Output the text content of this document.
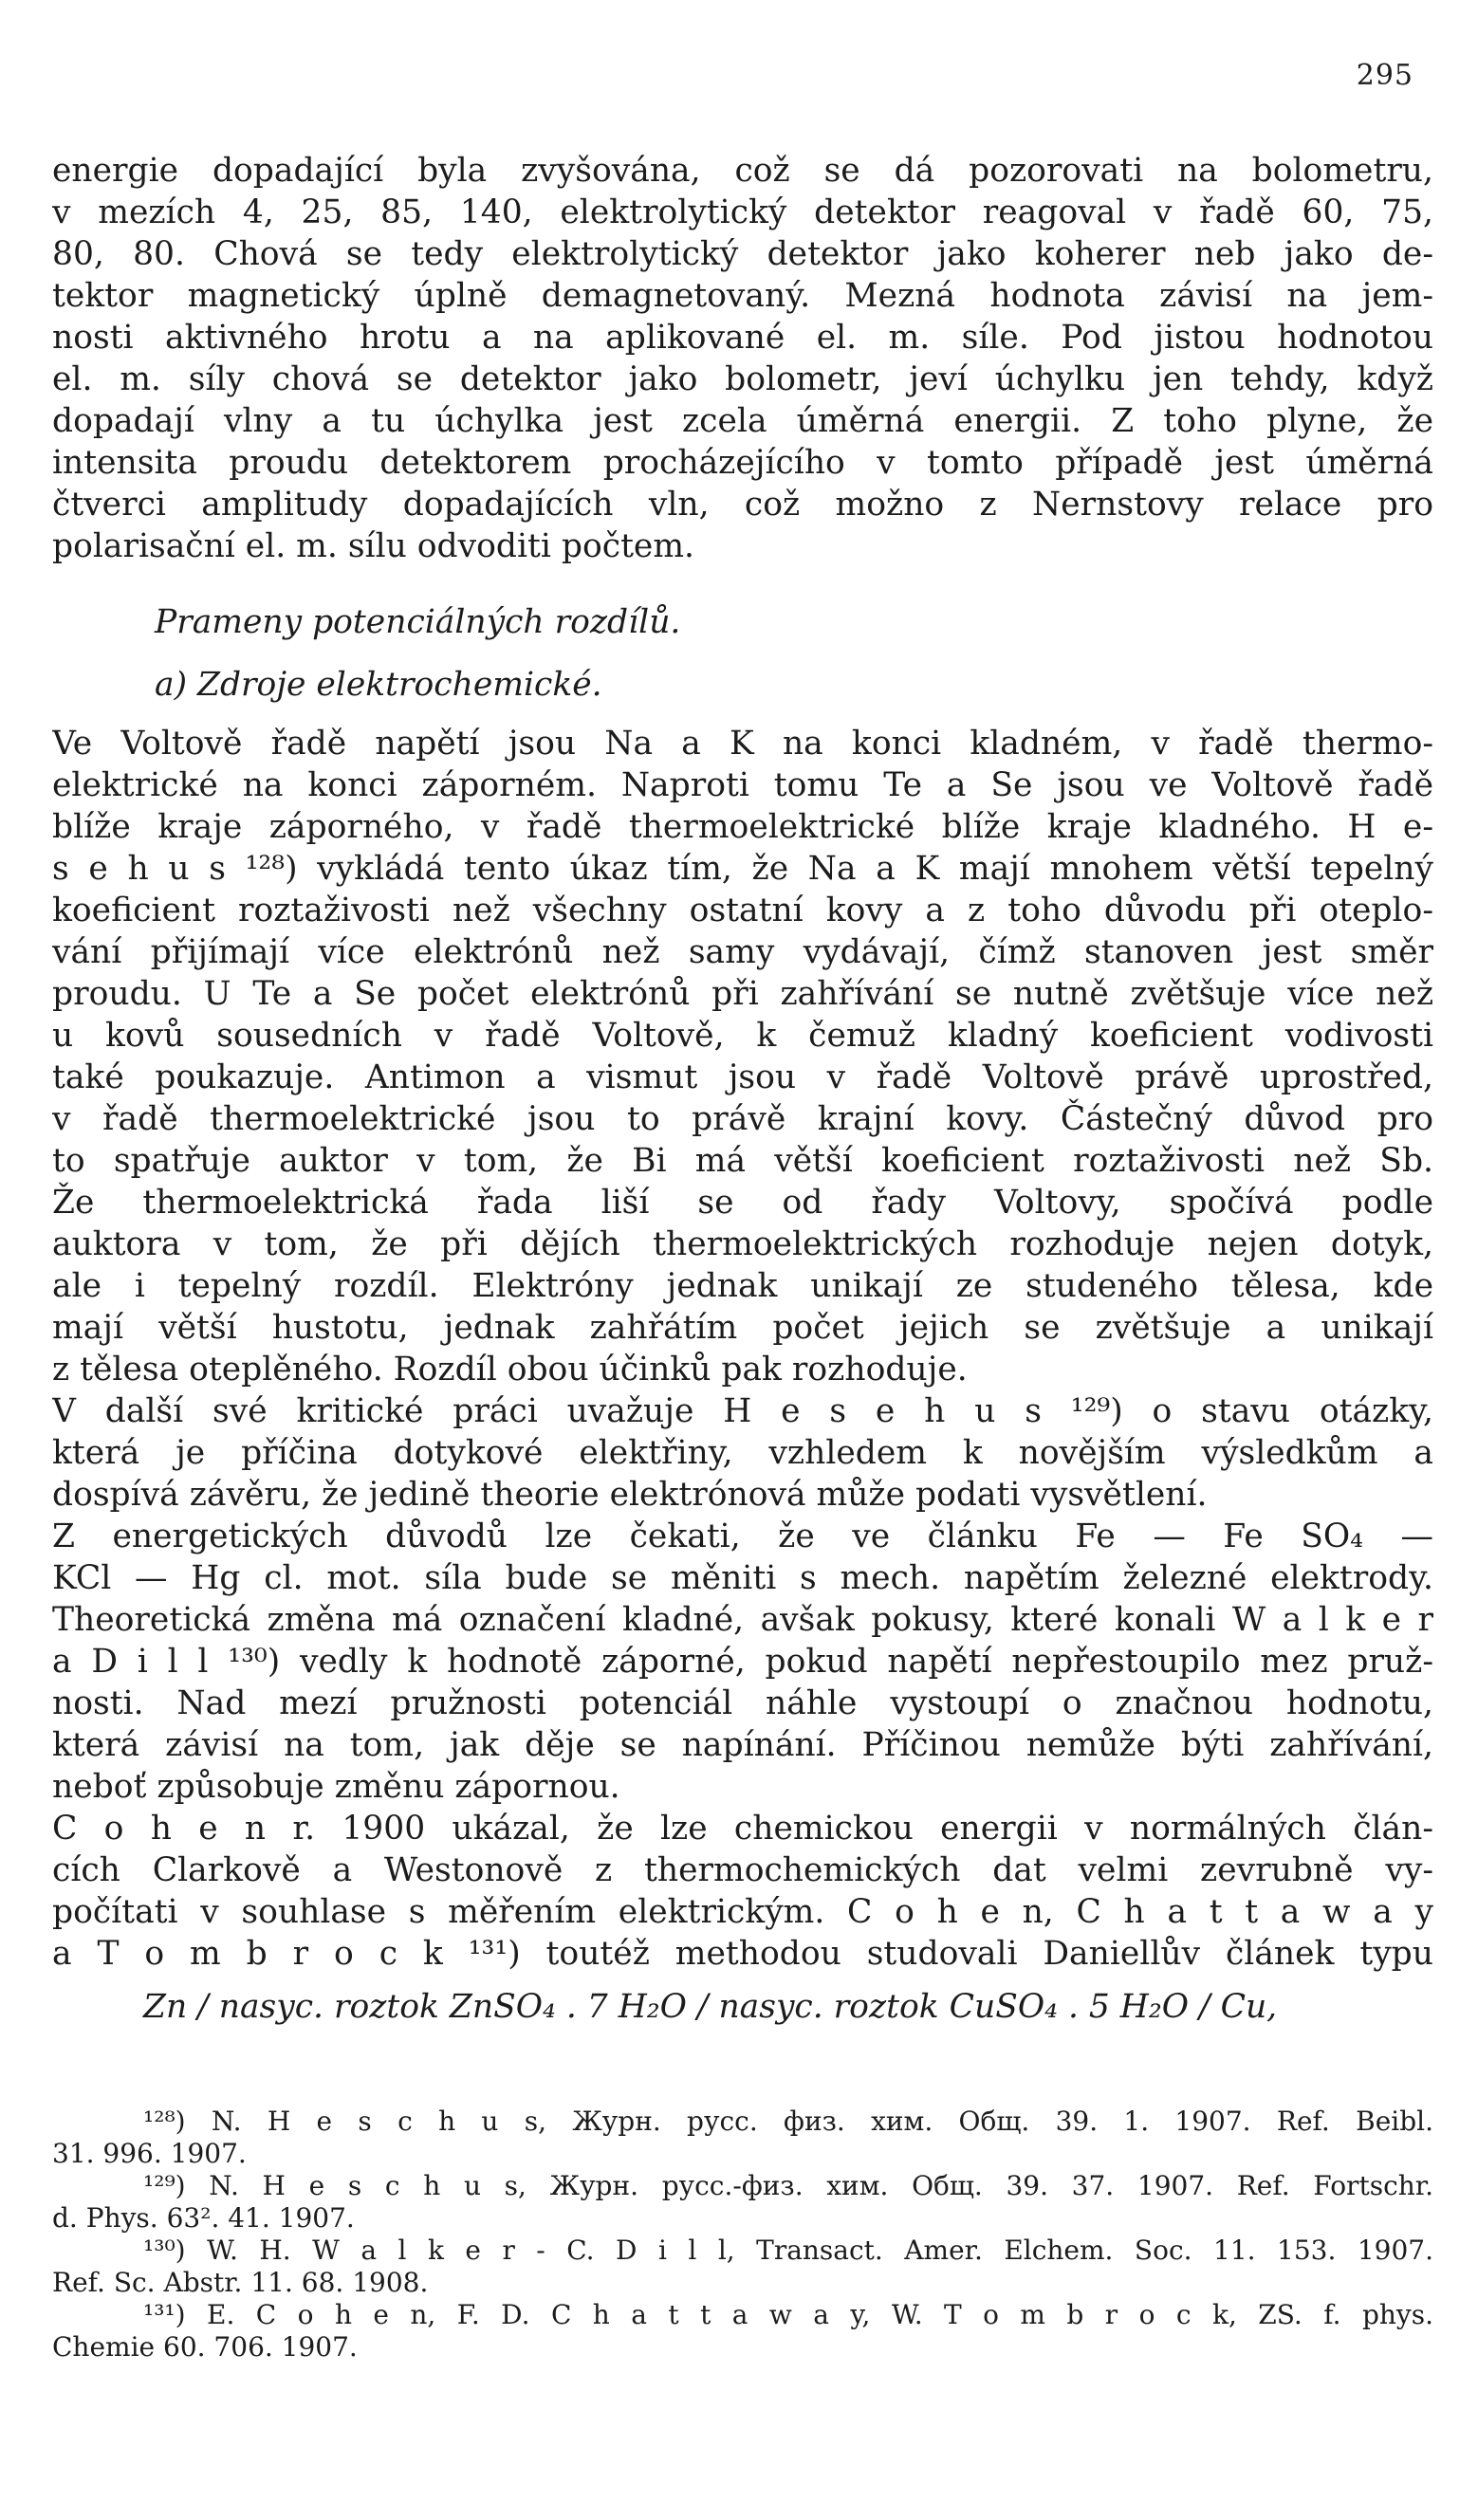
295
energie dopadající byla zvyšována, což se dá pozorovati na bolometru,
v mezích 4, 25, 85, 140, elektrolytický detektor reagoval v řadě 60, 75,
80, 80. Chová se tedy elektrolytický detektor jako koherer neb jako de-
tektor magnetický úplně demagnetovaný. Mezná hodnota závisí na jem-
nosti aktivného hrotu a na aplikované el. m. síle. Pod jistou hodnotou
el. m. síly chová se detektor jako bolometr, jeví úchylku jen tehdy, když
dopadají vlny a tu úchylka jest zcela úměrná energii. Z toho plyne, že
intensita proudu detektorem procházejícího v tomto případě jest úměrná
čtverci amplitudy dopadajících vln, což možno z Nernstovy relace pro
polarisační el. m. sílu odvoditi počtem.
Prameny potenciálných rozdílů.
a) Zdroje elektrochemické.
Ve Voltově řadě napětí jsou Na a K na konci kladném, v řadě thermo-
elektrické na konci záporném. Naproti tomu Te a Se jsou ve Voltově řadě
blíže kraje záporného, v řadě thermoelektrické blíže kraje kladného. H e-
s e h u s ¹²⁸) vykládá tento úkaz tím, že Na a K mají mnohem větší tepelný
koeficient roztaživosti než všechny ostatní kovy a z toho důvodu při oteplo-
vání přijímají více elektrónů než samy vydávají, čímž stanoven jest směr
proudu. U Te a Se počet elektrónů při zahřívání se nutně zvětšuje více než
u kovů sousedních v řadě Voltově, k čemuž kladný koeficient vodivosti
také poukazuje. Antimon a vismut jsou v řadě Voltově právě uprostřed,
v řadě thermoelektrické jsou to právě krajní kovy. Částečný důvod pro
to spatřuje auktor v tom, že Bi má větší koeficient roztaživosti než Sb.
Že thermoelektrická řada liší se od řady Voltovy, spočívá podle
auktora v tom, že při dějích thermoelektrických rozhoduje nejen dotyk,
ale i tepelný rozdíl. Elektróny jednak unikají ze studeného tělesa, kde
mají větší hustotu, jednak zahřátím počet jejich se zvětšuje a unikají
z tělesa oteplěného. Rozdíl obou účinků pak rozhoduje.
V další své kritické práci uvažuje H e s e h u s ¹²⁹) o stavu otázky,
která je příčina dotykové elektřiny, vzhledem k novějším výsledkům a
dospívá závěru, že jedině theorie elektrónová může podati vysvětlení.
Z energetických důvodů lze čekati, že ve článku Fe — Fe SO₄ —
KCl — Hg cl. mot. síla bude se měniti s mech. napětím železné elektrody.
Theoretická změna má označení kladné, avšak pokusy, které konali W a l k e r
a D i l l ¹³⁰) vedly k hodnotě záporné, pokud napětí nepřestoupilo mez pruž-
nosti. Nad mezí pružnosti potenciál náhle vystoupí o značnou hodnotu,
která závisí na tom, jak děje se napínání. Příčinou nemůže býti zahřívání,
neboť způsobuje změnu zápornou.
C o h e n r. 1900 ukázal, že lze chemickou energii v normálných člán-
cích Clarkově a Westonově z thermochemických dat velmi zevrubně vy-
počítati v souhlase s měřením elektrickým. C o h e n, C h a t t a w a y
a T o m b r o c k ¹³¹) toutéž methodou studovali Daniellův článek typu
Zn / nasyc. roztok ZnSO₄ . 7 H₂O / nasyc. roztok CuSO₄ . 5 H₂O / Cu,
¹²⁸) N. H e s c h u s, Журн. русс. физ. хим. Общ. 39. 1. 1907. Ref. Beibl.
31. 996. 1907.
¹²⁹) N. H e s c h u s, Журн. русс.-физ. хим. Общ. 39. 37. 1907. Ref. Fortschr.
d. Phys. 63². 41. 1907.
¹³⁰) W. H. W a l k e r - C. D i l l, Transact. Amer. Elchem. Soc. 11. 153. 1907.
Ref. Sc. Abstr. 11. 68. 1908.
¹³¹) E. C o h e n, F. D. C h a t t a w a y, W. T o m b r o c k, ZS. f. phys.
Chemie 60. 706. 1907.
